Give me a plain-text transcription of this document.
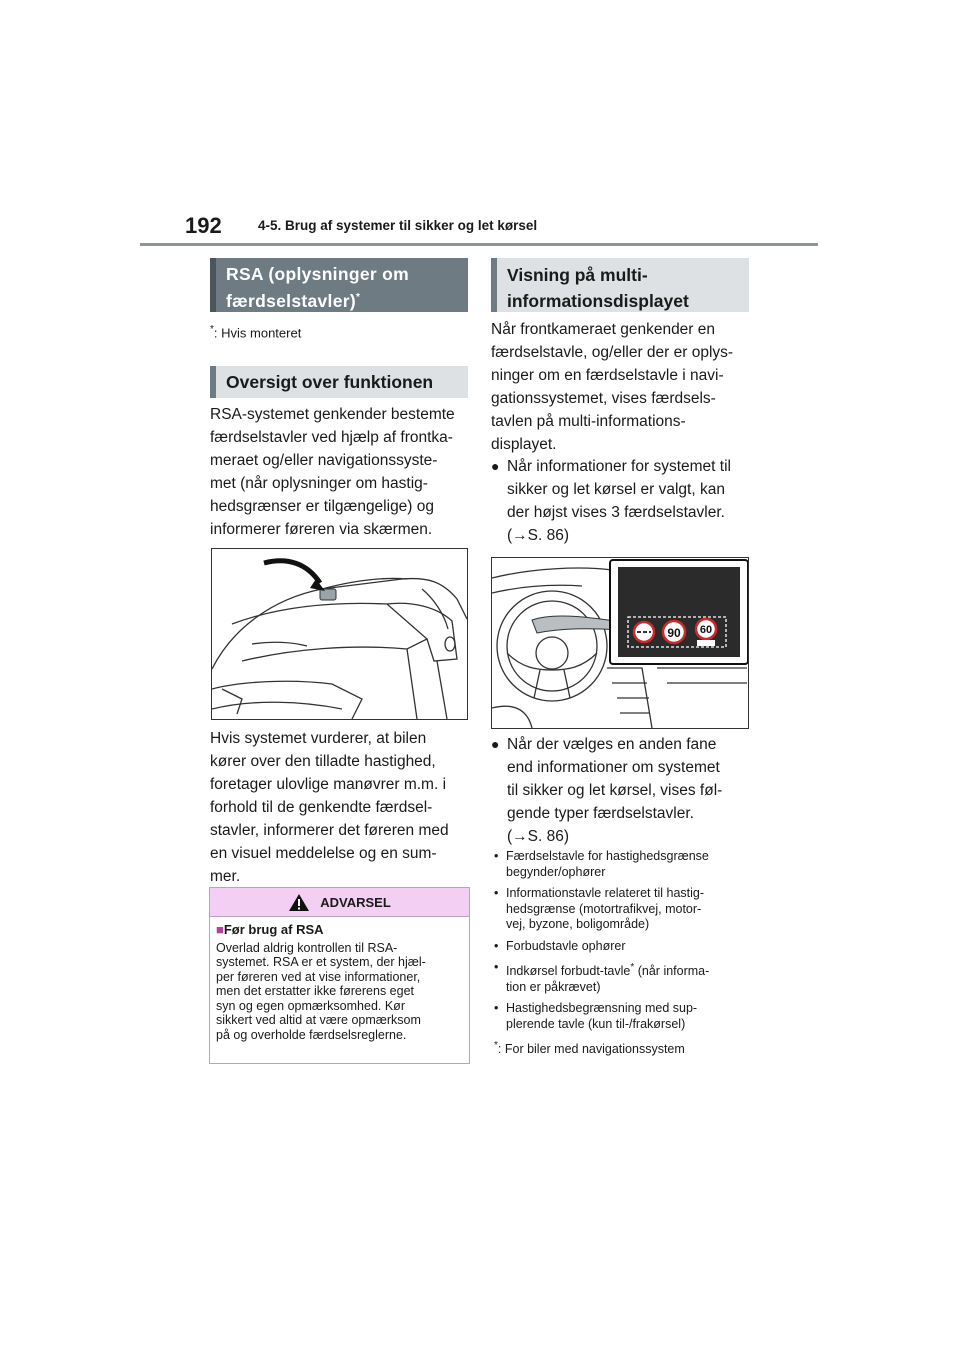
192	4-5. Brug af systemer til sikker og let kørsel
RSA (oplysninger om
færdselstavler)*
*: Hvis monteret
Oversigt over funktionen
RSA-systemet genkender bestemte
færdselstavler ved hjælp af frontka-
meraet og/eller navigationssyste-
met (når oplysninger om hastig-
hedsgrænser er tilgængelige) og
informerer føreren via skærmen.
Hvis systemet vurderer, at bilen
kører over den tilladte hastighed,
foretager ulovlige manøvrer m.m. i
forhold til de genkendte færdsel-
stavler, informerer det føreren med
en visuel meddelelse og en sum-
mer.
ADVARSEL
■Før brug af RSA
Overlad aldrig kontrollen til RSA-
systemet. RSA er et system, der hjæl-
per føreren ved at vise informationer,
men det erstatter ikke førerens eget
syn og egen opmærksomhed. Kør
sikkert ved altid at være opmærksom
på og overholde færdselsreglerne.
Visning på multi-
informationsdisplayet
Når frontkameraet genkender en
færdselstavle, og/eller der er oplys-
ninger om en færdselstavle i navi-
gationssystemet, vises færdsels-
tavlen på multi-informations-
displayet.
● Når informationer for systemet til
sikker og let kørsel er valgt, kan
der højst vises 3 færdselstavler.
(→S. 86)
90 60
● Når der vælges en anden fane
end informationer om systemet
til sikker og let kørsel, vises føl-
gende typer færdselstavler.
(→S. 86)
• Færdselstavle for hastighedsgrænse
begynder/ophører
• Informationstavle relateret til hastig-
hedsgrænse (motortrafikvej, motor-
vej, byzone, boligområde)
• Forbudstavle ophører
• Indkørsel forbudt-tavle* (når informa-
tion er påkrævet)
• Hastighedsbegrænsning med sup-
plerende tavle (kun til-/frakørsel)
*: For biler med navigationssystem
